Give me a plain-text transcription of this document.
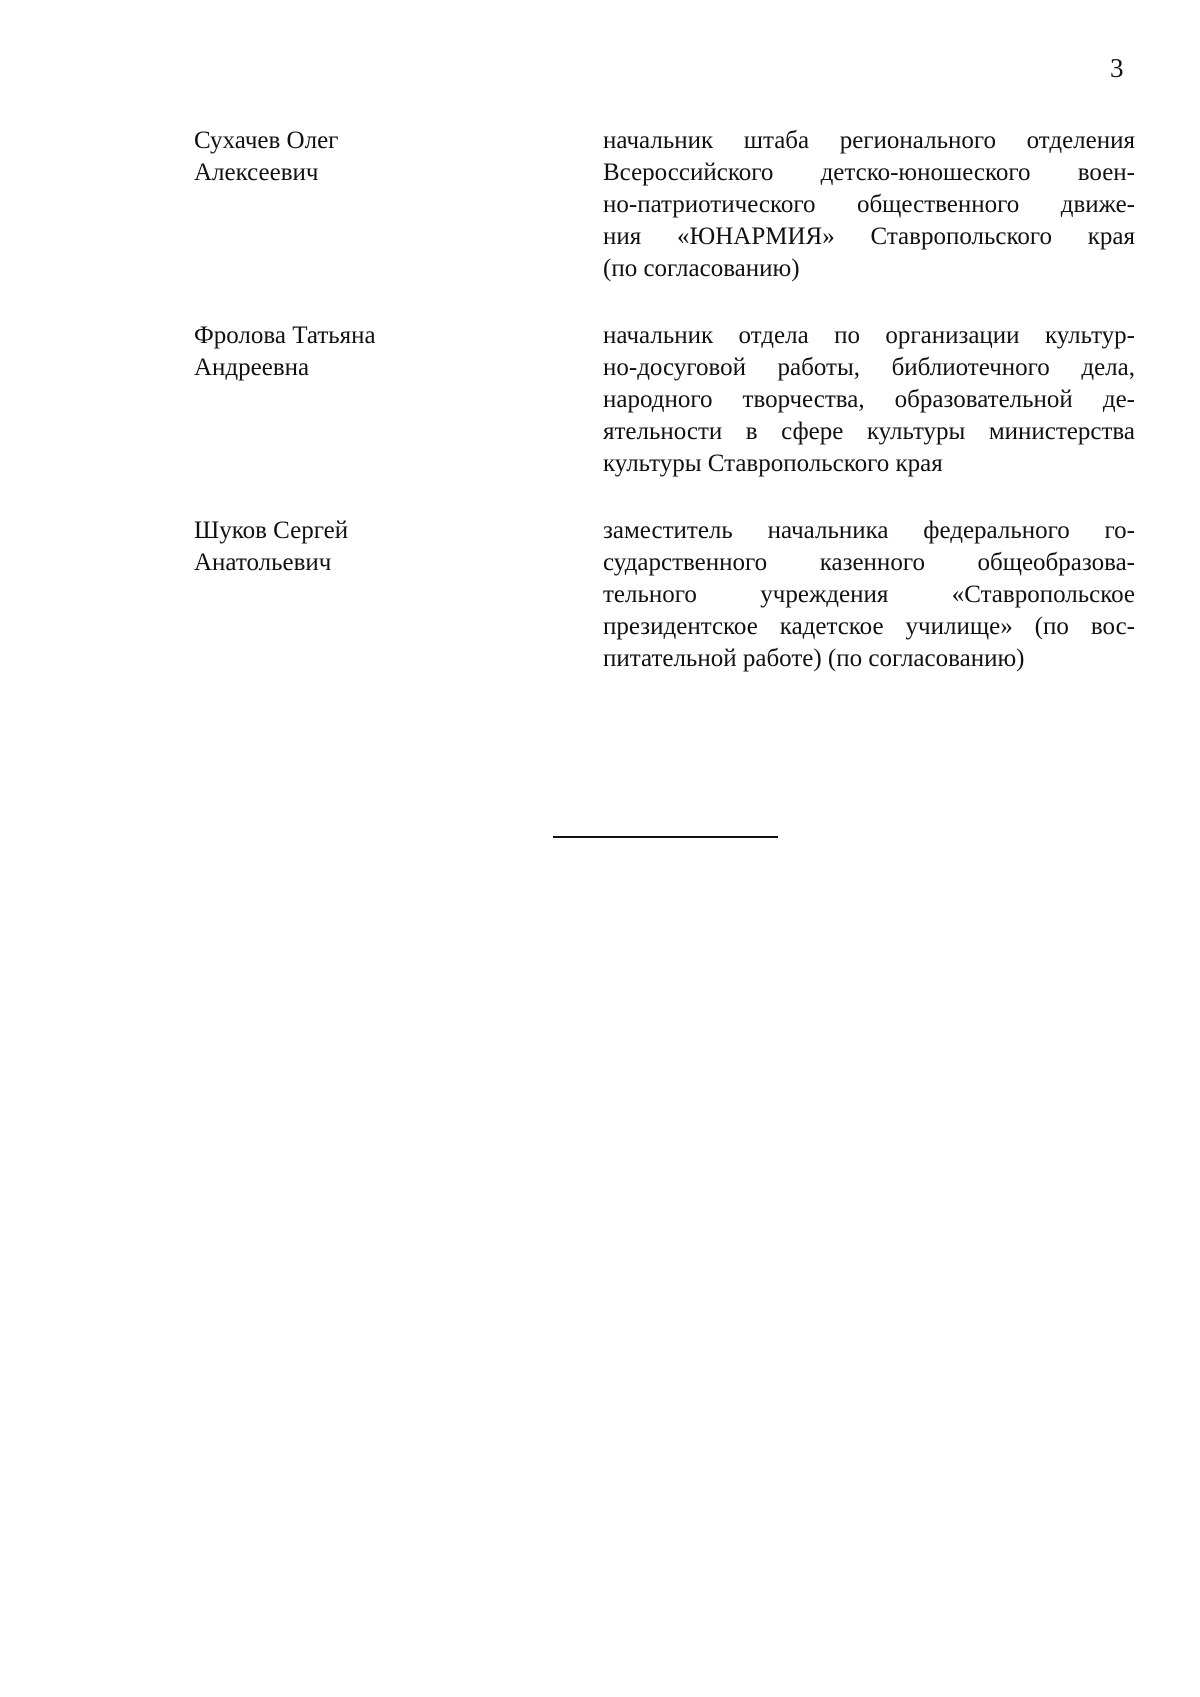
3
Сухачев Олег
Алексеевич
начальник штаба регионального отделения
Всероссийского детско-юношеского воен-
но-патриотического общественного движе-
ния «ЮНАРМИЯ» Ставропольского края
(по согласованию)
Фролова Татьяна
Андреевна
начальник отдела по организации культур-
но-досуговой работы, библиотечного дела,
народного творчества, образовательной де-
ятельности в сфере культуры министерства
культуры Ставропольского края
Шуков Сергей
Анатольевич
заместитель начальника федерального го-
сударственного казенного общеобразова-
тельного учреждения «Ставропольское
президентское кадетское училище» (по вос-
питательной работе) (по согласованию)
